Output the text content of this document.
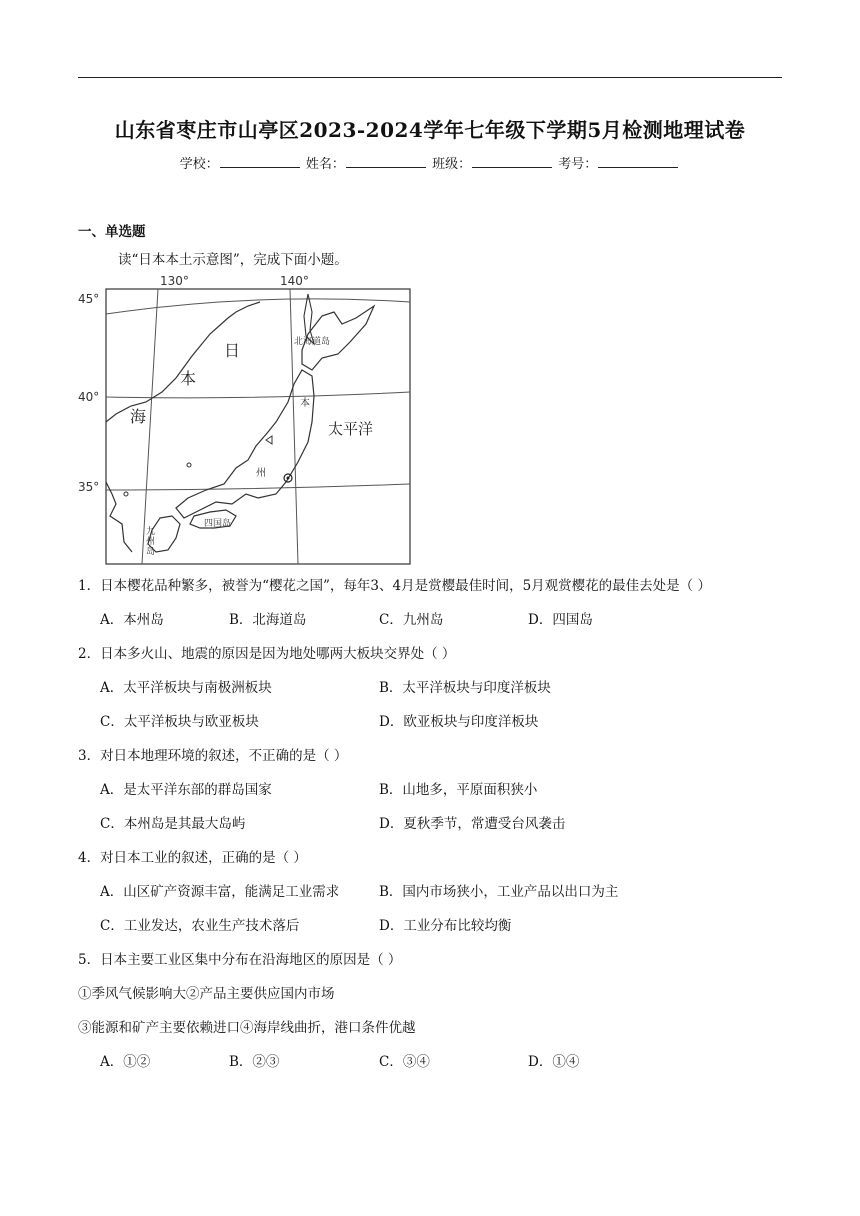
山东省枣庄市山亭区2023-2024学年七年级下学期5月检测地理试卷
学校：	姓名：	班级：	考号：
一、单选题
读“日本本土示意图”，完成下面小题。
130°	140°
45°
40°
35°
日
本
海
太平洋
北海道岛
本
州
四国岛
九
州
岛
1．日本樱花品种繁多，被誉为“樱花之国”，每年3、4月是赏樱最佳时间，5月观赏樱花的最佳去处是（ ）
A．本州岛	B．北海道岛	C．九州岛	D．四国岛
2．日本多火山、地震的原因是因为地处哪两大板块交界处（ ）
A．太平洋板块与南极洲板块	B．太平洋板块与印度洋板块
C．太平洋板块与欧亚板块	D．欧亚板块与印度洋板块
3．对日本地理环境的叙述，不正确的是（ ）
A．是太平洋东部的群岛国家	B．山地多，平原面积狭小
C．本州岛是其最大岛屿	D．夏秋季节，常遭受台风袭击
4．对日本工业的叙述，正确的是（ ）
A．山区矿产资源丰富，能满足工业需求	B．国内市场狭小，工业产品以出口为主
C．工业发达，农业生产技术落后	D．工业分布比较均衡
5．日本主要工业区集中分布在沿海地区的原因是（ ）
①季风气候影响大②产品主要供应国内市场
③能源和矿产主要依赖进口④海岸线曲折，港口条件优越
A．①②	B．②③	C．③④	D．①④
